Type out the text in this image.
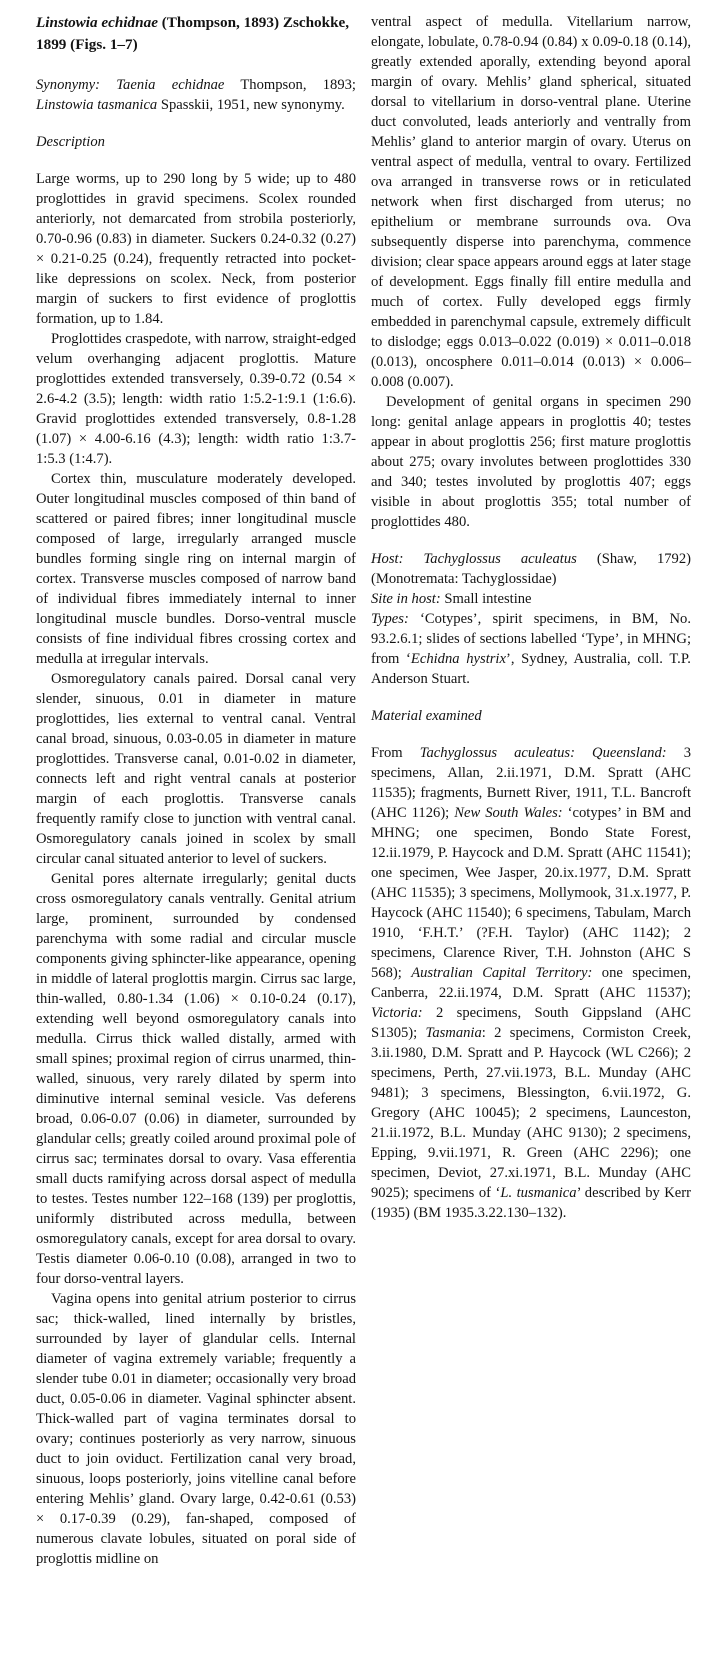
Linstowia echidnae (Thompson, 1893) Zschokke, 1899 (Figs. 1–7)
Synonymy: Taenia echidnae Thompson, 1893; Linstowia tasmanica Spasskii, 1951, new synonymy.
Description
Large worms, up to 290 long by 5 wide; up to 480 proglottides in gravid specimens. Scolex rounded anteriorly, not demarcated from strobila posteriorly, 0.70-0.96 (0.83) in diameter. Suckers 0.24-0.32 (0.27) × 0.21-0.25 (0.24), frequently retracted into pocket-like depressions on scolex. Neck, from posterior margin of suckers to first evidence of proglottis formation, up to 1.84.
Proglottides craspedote, with narrow, straight-edged velum overhanging adjacent proglottis. Mature proglottides extended transversely, 0.39-0.72 (0.54 × 2.6-4.2 (3.5); length: width ratio 1:5.2-1:9.1 (1:6.6). Gravid proglottides extended transversely, 0.8-1.28 (1.07) × 4.00-6.16 (4.3); length: width ratio 1:3.7-1:5.3 (1:4.7).
Cortex thin, musculature moderately developed. Outer longitudinal muscles composed of thin band of scattered or paired fibres; inner longitudinal muscle composed of large, irregularly arranged muscle bundles forming single ring on internal margin of cortex. Transverse muscles composed of narrow band of individual fibres immediately internal to inner longitudinal muscle bundles. Dorso-ventral muscle consists of fine individual fibres crossing cortex and medulla at irregular intervals.
Osmoregulatory canals paired. Dorsal canal very slender, sinuous, 0.01 in diameter in mature proglottides, lies external to ventral canal. Ventral canal broad, sinuous, 0.03-0.05 in diameter in mature proglottides. Transverse canal, 0.01-0.02 in diameter, connects left and right ventral canals at posterior margin of each proglottis. Transverse canals frequently ramify close to junction with ventral canal. Osmoregulatory canals joined in scolex by small circular canal situated anterior to level of suckers.
Genital pores alternate irregularly; genital ducts cross osmoregulatory canals ventrally. Genital atrium large, prominent, surrounded by condensed parenchyma with some radial and circular muscle components giving sphincter-like appearance, opening in middle of lateral proglottis margin. Cirrus sac large, thin-walled, 0.80-1.34 (1.06) × 0.10-0.24 (0.17), extending well beyond osmoregulatory canals into medulla. Cirrus thick walled distally, armed with small spines; proximal region of cirrus unarmed, thin-walled, sinuous, very rarely dilated by sperm into diminutive internal seminal vesicle. Vas deferens broad, 0.06-0.07 (0.06) in diameter, surrounded by glandular cells; greatly coiled around proximal pole of cirrus sac; terminates dorsal to ovary. Vasa efferentia small ducts ramifying across dorsal aspect of medulla to testes. Testes number 122–168 (139) per proglottis, uniformly distributed across medulla, between osmoregulatory canals, except for area dorsal to ovary. Testis diameter 0.06-0.10 (0.08), arranged in two to four dorso-ventral layers.
Vagina opens into genital atrium posterior to cirrus sac; thick-walled, lined internally by bristles, surrounded by layer of glandular cells. Internal diameter of vagina extremely variable; frequently a slender tube 0.01 in diameter; occasionally very broad duct, 0.05-0.06 in diameter. Vaginal sphincter absent. Thick-walled part of vagina terminates dorsal to ovary; continues posteriorly as very narrow, sinuous duct to join oviduct. Fertilization canal very broad, sinuous, loops posteriorly, joins vitelline canal before entering Mehlis’ gland. Ovary large, 0.42-0.61 (0.53) × 0.17-0.39 (0.29), fan-shaped, composed of numerous clavate lobules, situated on poral side of proglottis midline on
ventral aspect of medulla. Vitellarium narrow, elongate, lobulate, 0.78-0.94 (0.84) x 0.09-0.18 (0.14), greatly extended aporally, extending beyond aporal margin of ovary. Mehlis’ gland spherical, situated dorsal to vitellarium in dorso-ventral plane. Uterine duct convoluted, leads anteriorly and ventrally from Mehlis’ gland to anterior margin of ovary. Uterus on ventral aspect of medulla, ventral to ovary. Fertilized ova arranged in transverse rows or in reticulated network when first discharged from uterus; no epithelium or membrane surrounds ova. Ova subsequently disperse into parenchyma, commence division; clear space appears around eggs at later stage of development. Eggs finally fill entire medulla and much of cortex. Fully developed eggs firmly embedded in parenchymal capsule, extremely difficult to dislodge; eggs 0.013–0.022 (0.019) × 0.011–0.018 (0.013), oncosphere 0.011–0.014 (0.013) × 0.006–0.008 (0.007).
Development of genital organs in specimen 290 long: genital anlage appears in proglottis 40; testes appear in about proglottis 256; first mature proglottis about 275; ovary involutes between proglottides 330 and 340; testes involuted by proglottis 407; eggs visible in about proglottis 355; total number of proglottides 480.
Host: Tachyglossus aculeatus (Shaw, 1792) (Monotremata: Tachyglossidae)
Site in host: Small intestine
Types: ‘Cotypes’, spirit specimens, in BM, No. 93.2.6.1; slides of sections labelled ‘Type’, in MHNG; from ‘Echidna hystrix’, Sydney, Australia, coll. T.P. Anderson Stuart.
Material examined
From Tachyglossus aculeatus: Queensland: 3 specimens, Allan, 2.ii.1971, D.M. Spratt (AHC 11535); fragments, Burnett River, 1911, T.L. Bancroft (AHC 1126); New South Wales: ‘cotypes’ in BM and MHNG; one specimen, Bondo State Forest, 12.ii.1979, P. Haycock and D.M. Spratt (AHC 11541); one specimen, Wee Jasper, 20.ix.1977, D.M. Spratt (AHC 11535); 3 specimens, Mollymook, 31.x.1977, P. Haycock (AHC 11540); 6 specimens, Tabulam, March 1910, ‘F.H.T.’ (?F.H. Taylor) (AHC 1142); 2 specimens, Clarence River, T.H. Johnston (AHC S 568); Australian Capital Territory: one specimen, Canberra, 22.ii.1974, D.M. Spratt (AHC 11537); Victoria: 2 specimens, South Gippsland (AHC S1305); Tasmania: 2 specimens, Cormiston Creek, 3.ii.1980, D.M. Spratt and P. Haycock (WL C266); 2 specimens, Perth, 27.vii.1973, B.L. Munday (AHC 9481); 3 specimens, Blessington, 6.vii.1972, G. Gregory (AHC 10045); 2 specimens, Launceston, 21.ii.1972, B.L. Munday (AHC 9130); 2 specimens, Epping, 9.vii.1971, R. Green (AHC 2296); one specimen, Deviot, 27.xi.1971, B.L. Munday (AHC 9025); specimens of ‘L. tusmanica’ described by Kerr (1935) (BM 1935.3.22.130–132).
